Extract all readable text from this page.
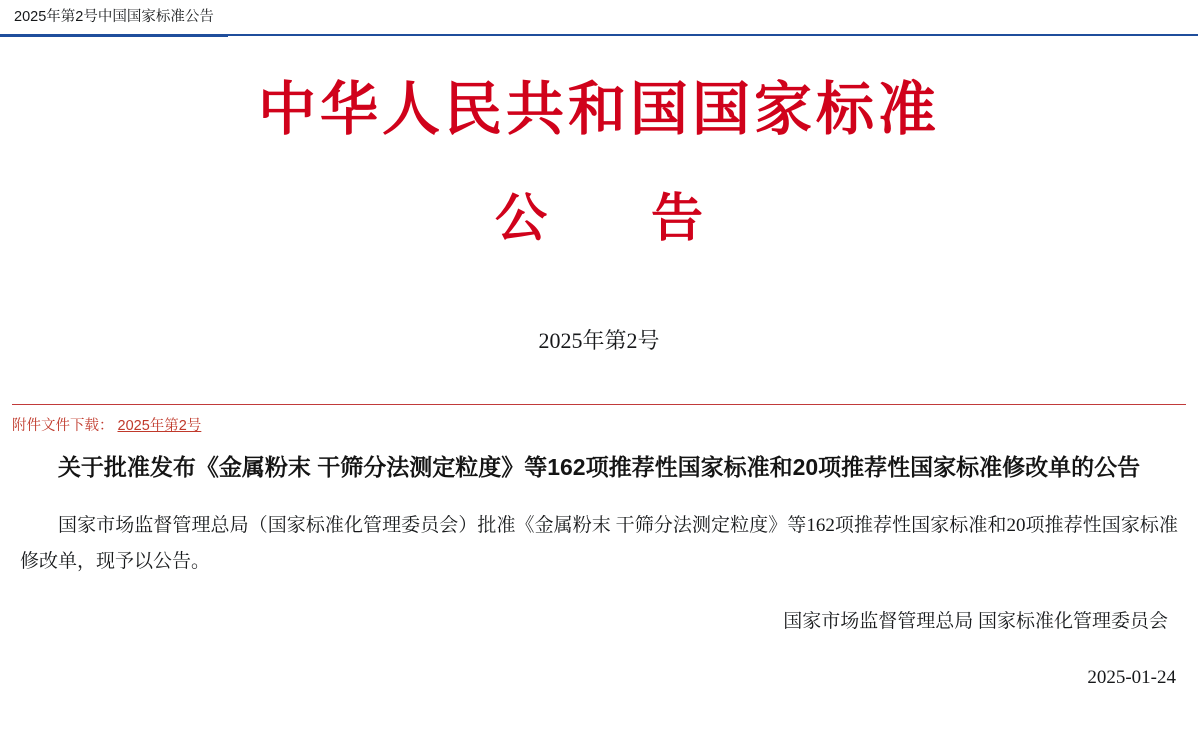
2025年第2号中国国家标准公告
中华人民共和国国家标准
公　告
2025年第2号
附件文件下载： 2025年第2号
关于批准发布《金属粉末 干筛分法测定粒度》等162项推荐性国家标准和20项推荐性国家标准修改单的公告

国家市场监督管理总局（国家标准化管理委员会）批准《金属粉末 干筛分法测定粒度》等162项推荐性国家标准和20项推荐性国家标准修改单，现予以公告。

国家市场监督管理总局 国家标准化管理委员会
2025-01-24
